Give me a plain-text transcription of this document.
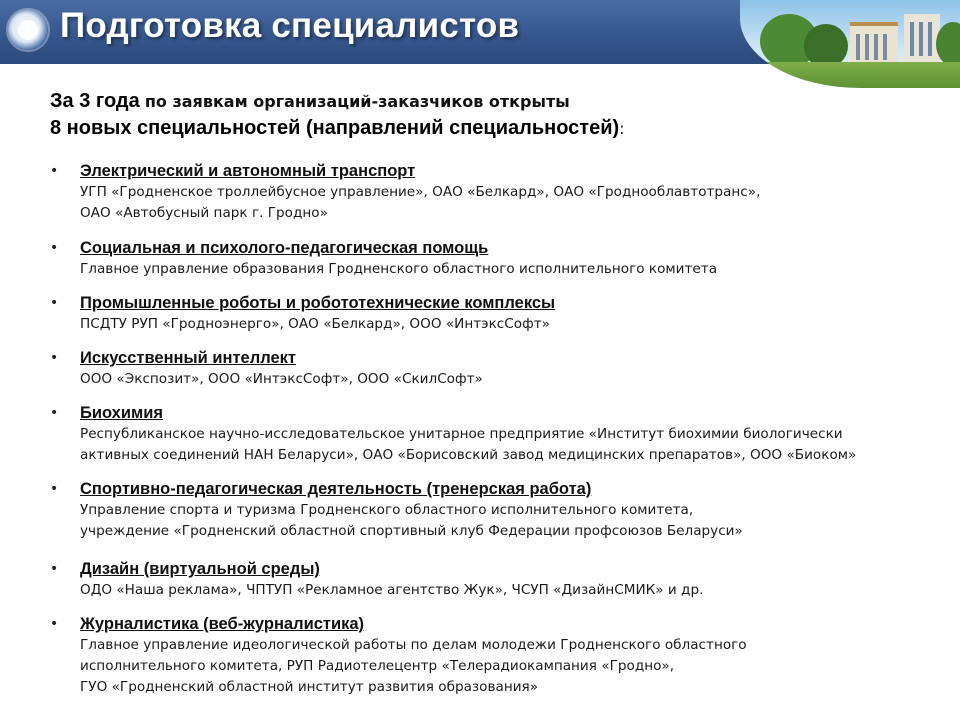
Подготовка специалистов

За 3 года по заявкам организаций-заказчиков открыты

8 новых специальностей (направлений специальностей):

• Электрический и автономный транспорт
УГП «Гродненское троллейбусное управление», ОАО «Белкард», ОАО «Гроднооблавтотранс»,
ОАО «Автобусный парк г. Гродно»
• Социальная и психолого-педагогическая помощь
Главное управление образования Гродненского областного исполнительного комитета
• Промышленные роботы и робототехнические комплексы
ПСДТУ РУП «Гродноэнерго», ОАО «Белкард», ООО «ИнтэксСофт»
• Искусственный интеллект
ООО «Экспозит», ООО «ИнтэксСофт», ООО «СкилСофт»
• Биохимия
Республиканское научно-исследовательское унитарное предприятие «Институт биохимии биологически
активных соединений НАН Беларуси», ОАО «Борисовский завод медицинских препаратов», ООО «Биоком»
• Спортивно-педагогическая деятельность (тренерская работа)
Управление спорта и туризма Гродненского областного исполнительного комитета,
учреждение «Гродненский областной спортивный клуб Федерации профсоюзов Беларуси»
• Дизайн (виртуальной среды)
ОДО «Наша реклама», ЧПТУП «Рекламное агентство Жук», ЧСУП «ДизайнСМИК» и др.
• Журналистика (веб-журналистика)
Главное управление идеологической работы по делам молодежи Гродненского областного
исполнительного комитета, РУП Радиотелецентр «Телерадиокампания «Гродно»,
ГУО «Гродненский областной институт развития образования»
